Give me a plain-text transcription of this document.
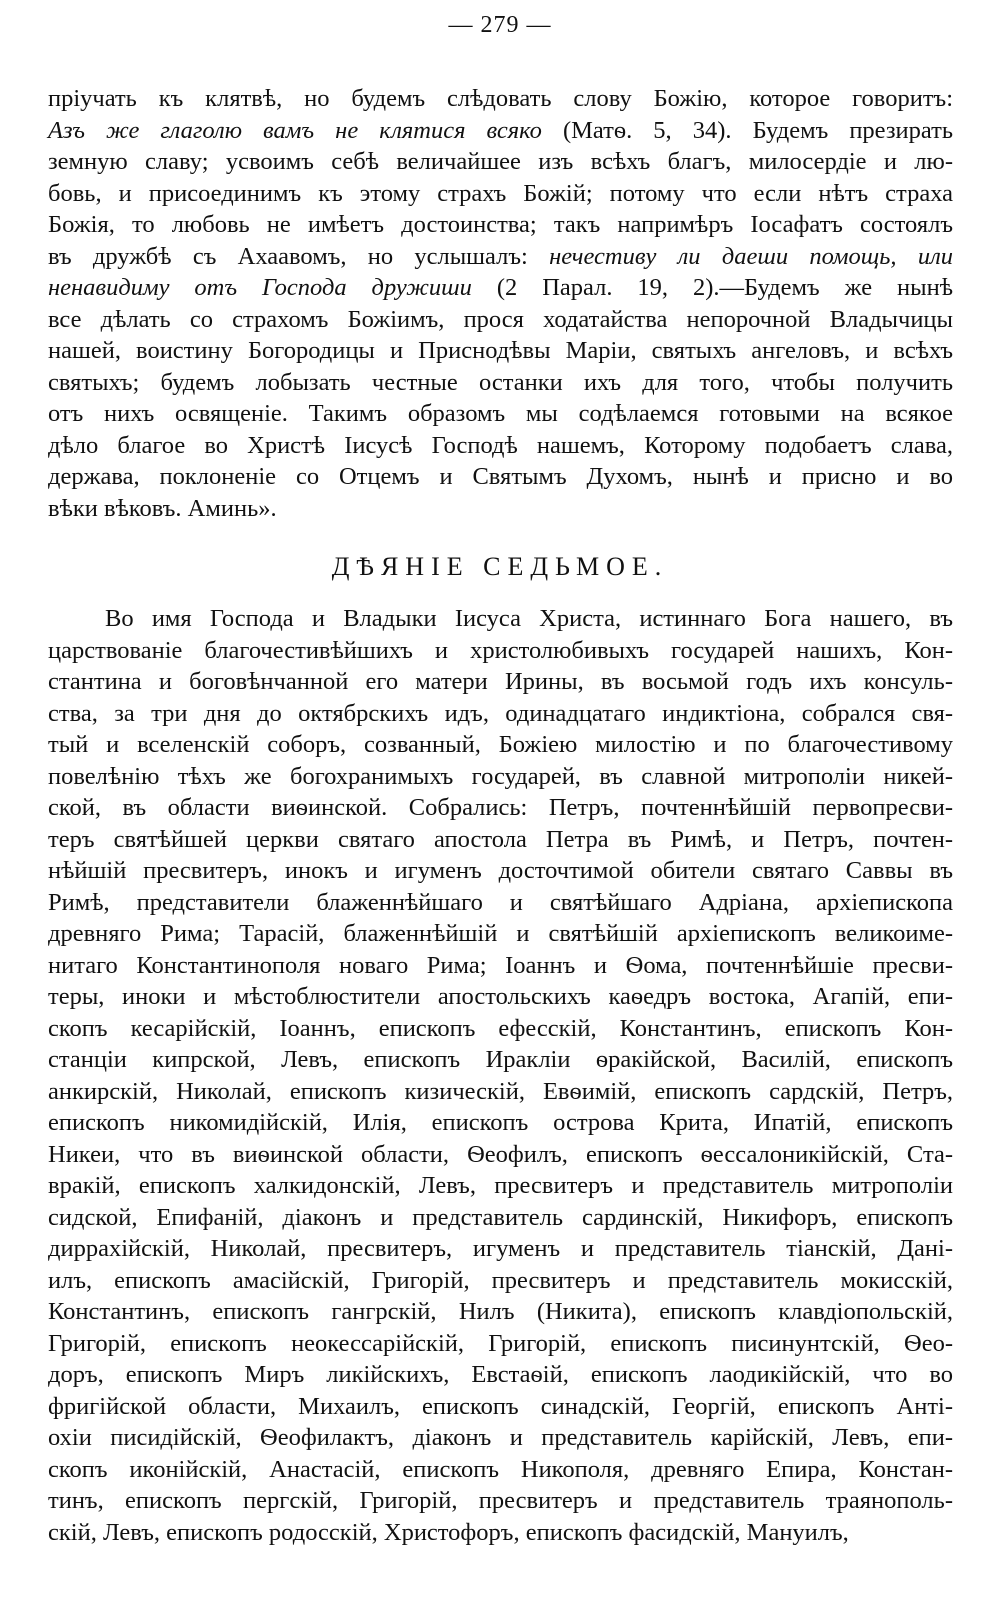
— 279 —
пріучать къ клятвѣ, но будемъ слѣдовать слову Божію, которое говоритъ:
Азъ же глаголю вамъ не клятися всяко (Матѳ. 5, 34). Будемъ презирать
земную славу; усвоимъ себѣ величайшее изъ всѣхъ благъ, милосердіе и лю-
бовь, и присоединимъ къ этому страхъ Божій; потому что если нѣтъ страха
Божія, то любовь не имѣетъ достоинства; такъ напримѣръ Іосафатъ состоялъ
въ дружбѣ съ Ахаавомъ, но услышалъ: нечестиву ли даеши помощь, или
ненавидиму отъ Господа дружиши (2 Парал. 19, 2).—Будемъ же нынѣ
все дѣлать со страхомъ Божіимъ, прося ходатайства непорочной Владычицы
нашей, воистину Богородицы и Приснодѣвы Маріи, святыхъ ангеловъ, и всѣхъ
святыхъ; будемъ лобызать честные останки ихъ для того, чтобы получить
отъ нихъ освященіе. Такимъ образомъ мы содѣлаемся готовыми на всякое
дѣло благое во Христѣ Іисусѣ Господѣ нашемъ, Которому подобаетъ слава,
держава, поклоненіе со Отцемъ и Святымъ Духомъ, нынѣ и присно и во
вѣки вѣковъ. Аминь».
ДѢЯНІЕ СЕДЬМОЕ.
Во имя Господа и Владыки Іисуса Христа, истиннаго Бога нашего, въ
царствованіе благочестивѣйшихъ и христолюбивыхъ государей нашихъ, Кон-
стантина и боговѣнчанной его матери Ирины, въ восьмой годъ ихъ консуль-
ства, за три дня до октябрскихъ идъ, одинадцатаго индиктіона, собрался свя-
тый и вселенскій соборъ, созванный, Божіею милостію и по благочестивому
повелѣнію тѣхъ же богохранимыхъ государей, въ славной митрополіи никей-
ской, въ области виѳинской. Собрались: Петръ, почтеннѣйшій первопресви-
теръ святѣйшей церкви святаго апостола Петра въ Римѣ, и Петръ, почтен-
нѣйшій пресвитеръ, инокъ и игуменъ досточтимой обители святаго Саввы въ
Римѣ, представители блаженнѣйшаго и святѣйшаго Адріана, архіепископа
древняго Рима; Тарасій, блаженнѣйшій и святѣйшій архіепископъ великоиме-
нитаго Константинополя новаго Рима; Іоаннъ и Ѳома, почтеннѣйшіе пресви-
теры, иноки и мѣстоблюстители апостольскихъ каѳедръ востока, Агапій, епи-
скопъ кесарійскій, Іоаннъ, епископъ ефесскій, Константинъ, епископъ Кон-
станціи кипрской, Левъ, епископъ Иракліи ѳракійской, Василій, епископъ
анкирскій, Николай, епископъ кизическій, Евѳимій, епископъ сардскій, Петръ,
епископъ никомидійскій, Илія, епископъ острова Крита, Ипатій, епископъ
Никеи, что въ виѳинской области, Ѳеофилъ, епископъ ѳессалоникійскій, Ста-
вракій, епископъ халкидонскій, Левъ, пресвитеръ и представитель митрополіи
сидской, Епифаній, діаконъ и представитель сардинскій, Никифоръ, епископъ
диррахійскій, Николай, пресвитеръ, игуменъ и представитель тіанскій, Дані-
илъ, епископъ амасійскій, Григорій, пресвитеръ и представитель мокисскій,
Константинъ, епископъ гангрскій, Нилъ (Никита), епископъ клавдіопольскій,
Григорій, епископъ неокессарійскій, Григорій, епископъ писинунтскій, Ѳео-
доръ, епископъ Миръ ликійскихъ, Евстаѳій, епископъ лаодикійскій, что во
фригійской области, Михаилъ, епископъ синадскій, Георгій, епископъ Анті-
охіи писидійскій, Ѳеофилактъ, діаконъ и представитель карійскій, Левъ, епи-
скопъ иконійскій, Анастасій, епископъ Никополя, древняго Епира, Констан-
тинъ, епископъ пергскій, Григорій, пресвитеръ и представитель траянополь-
скій, Левъ, епископъ родосскій, Христофоръ, епископъ фасидскій, Мануилъ,
